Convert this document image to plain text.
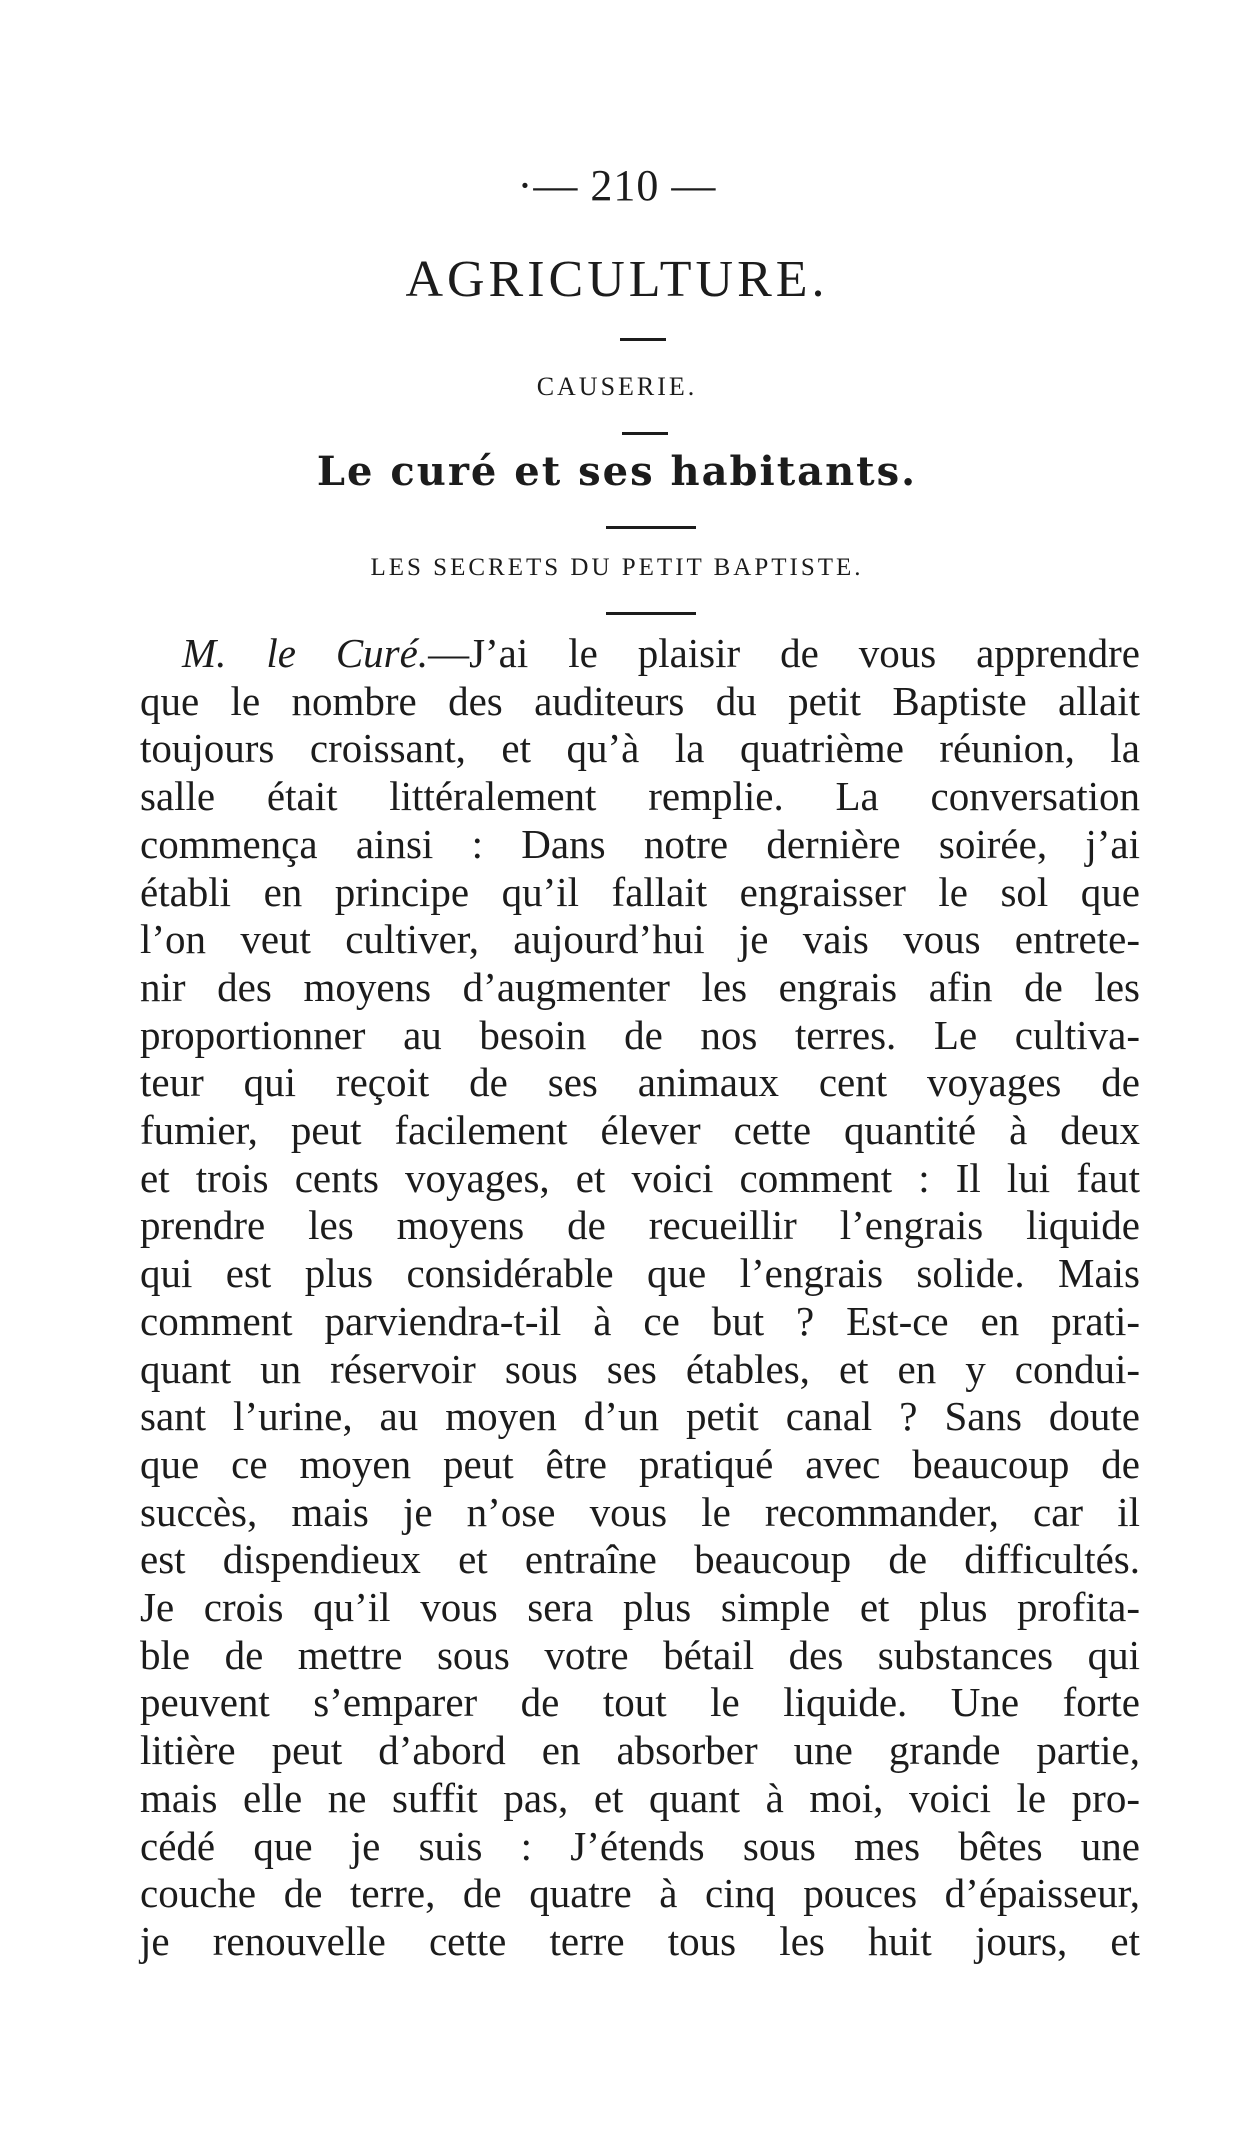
·— 210 —
AGRICULTURE.
CAUSERIE.
Le curé et ses habitants.
LES SECRETS DU PETIT BAPTISTE.
M. le Curé.—J’ai le plaisir de vous apprendre
que le nombre des auditeurs du petit Baptiste allait
toujours croissant, et qu’à la quatrième réunion, la
salle était littéralement remplie. La conversation
commença ainsi : Dans notre dernière soirée, j’ai
établi en principe qu’il fallait engraisser le sol que
l’on veut cultiver, aujourd’hui je vais vous entrete-
nir des moyens d’augmenter les engrais afin de les
proportionner au besoin de nos terres. Le cultiva-
teur qui reçoit de ses animaux cent voyages de
fumier, peut facilement élever cette quantité à deux
et trois cents voyages, et voici comment : Il lui faut
prendre les moyens de recueillir l’engrais liquide
qui est plus considérable que l’engrais solide. Mais
comment parviendra-t-il à ce but ? Est-ce en prati-
quant un réservoir sous ses étables, et en y condui-
sant l’urine, au moyen d’un petit canal ? Sans doute
que ce moyen peut être pratiqué avec beaucoup de
succès, mais je n’ose vous le recommander, car il
est dispendieux et entraîne beaucoup de difficultés.
Je crois qu’il vous sera plus simple et plus profita-
ble de mettre sous votre bétail des substances qui
peuvent s’emparer de tout le liquide. Une forte
litière peut d’abord en absorber une grande partie,
mais elle ne suffit pas, et quant à moi, voici le pro-
cédé que je suis : J’étends sous mes bêtes une
couche de terre, de quatre à cinq pouces d’épaisseur,
je renouvelle cette terre tous les huit jours, et
